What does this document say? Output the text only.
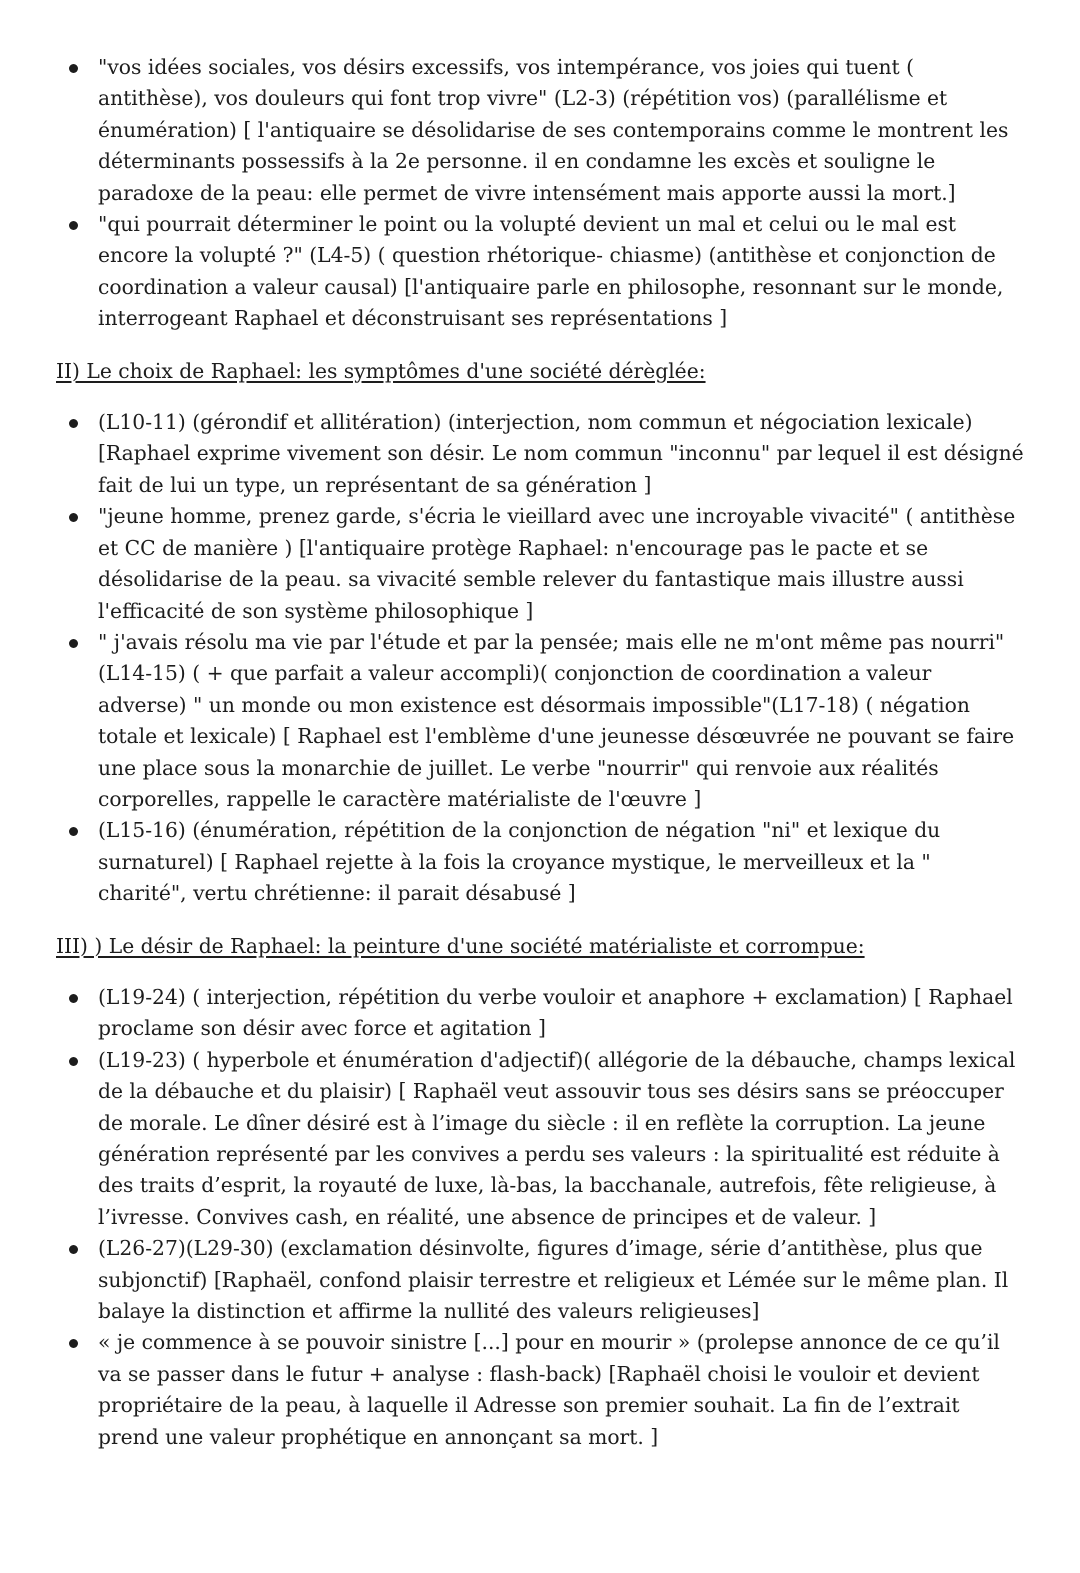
"vos idées sociales, vos désirs excessifs, vos intempérance, vos joies qui tuent ( antithèse), vos douleurs qui font trop vivre" (L2-3) (répétition vos) (parallélisme et énumération) [ l'antiquaire se désolidarise de ses contemporains comme le montrent les déterminants possessifs à la 2e personne. il en condamne les excès et souligne le paradoxe de la peau: elle permet de vivre intensément mais apporte aussi la mort.]
"qui pourrait déterminer le point ou la volupté devient un mal et celui ou le mal est encore la volupté ?" (L4-5) ( question rhétorique- chiasme) (antithèse et conjonction de coordination a valeur causal) [l'antiquaire parle en philosophe, resonnant sur le monde, interrogeant Raphael et déconstruisant ses représentations ]
II) Le choix de Raphael: les symptômes d'une société dérèglée:
(L10-11) (gérondif et allitération) (interjection, nom commun et négociation lexicale) [Raphael exprime vivement son désir. Le nom commun "inconnu" par lequel il est désigné fait de lui un type, un représentant de sa génération ]
"jeune homme, prenez garde, s'écria le vieillard avec une incroyable vivacité" ( antithèse et CC de manière ) [l'antiquaire protège Raphael: n'encourage pas le pacte et se désolidarise de la peau. sa vivacité semble relever du fantastique mais illustre aussi l'efficacité de son système philosophique ]
" j'avais résolu ma vie par l'étude et par la pensée; mais elle ne m'ont même pas nourri"(L14-15) ( + que parfait a valeur accompli)( conjonction de coordination a valeur adverse) " un monde ou mon existence est désormais impossible"(L17-18) ( négation totale et lexicale) [ Raphael est l'emblème d'une jeunesse désœuvrée ne pouvant se faire une place sous la monarchie de juillet. Le verbe "nourrir" qui renvoie aux réalités corporelles, rappelle le caractère matérialiste de l'œuvre ]
(L15-16) (énumération, répétition de la conjonction de négation "ni" et lexique du surnaturel) [ Raphael rejette à la fois la croyance mystique, le merveilleux et la " charité", vertu chrétienne: il parait désabusé ]
III) ) Le désir de Raphael: la peinture d'une société matérialiste et corrompue:
(L19-24) ( interjection, répétition du verbe vouloir et anaphore + exclamation) [ Raphael proclame son désir avec force et agitation ]
(L19-23) ( hyperbole et énumération d'adjectif)( allégorie de la débauche, champs lexical de la débauche et du plaisir) [ Raphaël veut assouvir tous ses désirs sans se préoccuper de morale. Le dîner désiré est à l’image du siècle : il en reflète la corruption. La jeune génération représenté par les convives a perdu ses valeurs : la spiritualité est réduite à des traits d’esprit, la royauté de luxe, là-bas, la bacchanale, autrefois, fête religieuse, à l’ivresse. Convives cash, en réalité, une absence de principes et de valeur. ]
(L26-27)(L29-30) (exclamation désinvolte, figures d’image, série d’antithèse, plus que subjonctif) [Raphaël, confond plaisir terrestre et religieux et Lémée sur le même plan. Il balaye la distinction et affirme la nullité des valeurs religieuses]
« je commence à se pouvoir sinistre [...] pour en mourir » (prolepse annonce de ce qu’il va se passer dans le futur + analyse : flash-back) [Raphaël choisi le vouloir et devient propriétaire de la peau, à laquelle il Adresse son premier souhait. La fin de l’extrait prend une valeur prophétique en annonçant sa mort. ]
